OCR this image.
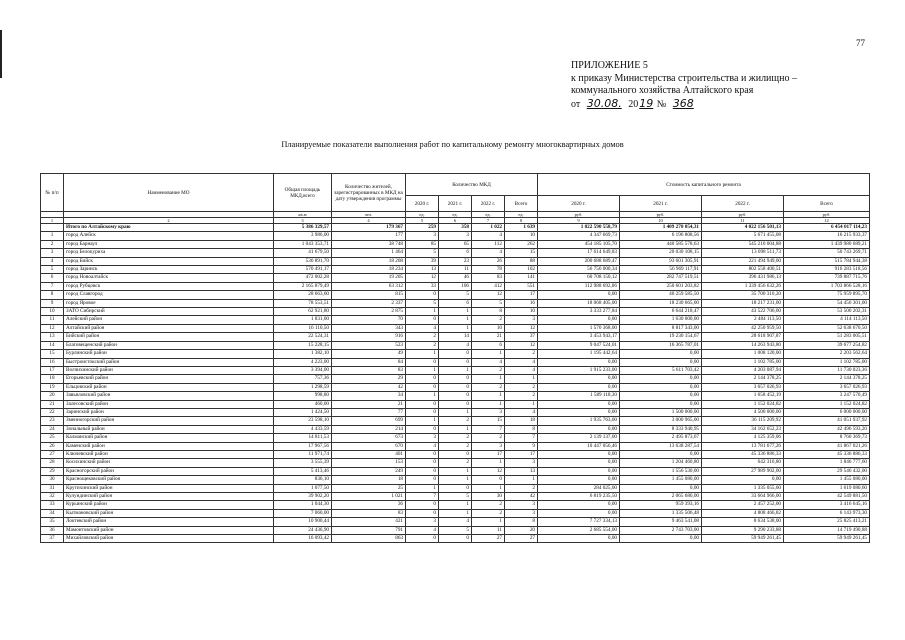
77
ПРИЛОЖЕНИЕ 5
к приказу Министерства строительства и жилищно –
коммунального хозяйства Алтайского края
от 30.08. 2019 № 368
Планируемые показатели выполнения работ по капитальному ремонту многоквартирных домов
№ п/п	Наименование МО	Общая площадь МКД,всего	Количество жителей, зарегистрированных в МКД на дату утверждения программы	Количество МКД				Стоимость капитального ремонта			
				2020 г.	2021 г.	2022 г.	Всего	2020 г.	2021 г.	2022 г.	Всего
		кв.м	чел.	ед.	ед.	ед.	ед.	руб.	руб.	руб.	руб.
1	2	3	4	5	6	7	8	9	10	11	12
	Итого по Алтайскому краю	5 386 329,57	179 367	259	358	1 022	1 639	1 022 590 558,79	1 409 270 054,31	4 022 156 501,13	6 454 017 114,23
1	город Алейск	3 986,00	177	3	3	4	10	4 347 669,73	6 196 808,56	5 671 455,08	16 215 933,37
2	город Барнаул	1 043 353,71	38 748	85	65	112	262	454 185 105,70	440 585 578,63	545 210 004,88	1 439 980 689,21
3	город Белокуриха	41 679,50	1 464	5	6	4	15	17 614 649,83	20 030 108,15	13 098 511,73	50 743 269,71
4	город Бийск	536 891,70	18 208	39	23	26	88	200 688 689,47	93 601 305,91	221 494 949,00	515 784 944,38
5	город Заринск	570 491,17	18 234	13	11	78	102	56 756 000,34	56 969 117,91	802 558 400,51	916 283 518,56
6	город Новоалтайск	472 002,28	19 205	12	46	83	141	60 708 150,12	282 747 519,51	396 431 986,13	739 887 715,76
7	город Рубцовск	2 165 879,49	63 312	33	106	412	551	112 988 692,06	250 601 203,82	1 339 456 632,26	1 703 866 528,16
8	город Славгород	28 663,60	815	0	5	12	17	0,00	40 259 585,50	35 700 310,20	75 959 895,70
9	город Яровое	78 553,51	2 337	5	6	5	16	18 068 405,00	18 230 665,00	18 217 231,00	54 456 301,00
10	ЗАТО Сибирский	62 921,80	2 875	1	1	8	10	3 333 277,84	6 644 218,47	43 522 706,00	53 500 202,31
11	Алейский район	1 831,00	70	0	1	2	3	0,00	1 630 000,00	2 484 113,50	4 114 113,50
12	Алтайский район	16 110,50	343	4	1	10	12	1 570 368,00	8 817 343,00	42 250 959,50	52 638 670,50
13	Бийский район	22 524,31	916	2	14	21	37	3 453 943,17	19 230 154,67	28 618 907,87	51 283 005,51
14	Благовещенский район	15 228,15	523	2	4	6	12	9 047 524,01	16 365 787,01	14 263 943,80	39 677 254,82
15	Бурлинский район	1 382,10	49	1	0	1	2	1 195 442,64	0,00	1 008 120,00	2 203 562,64
16	Быстроистокский район	4 223,00	84	0	0	4	4	0,00	0,00	1 102 785,00	1 102 785,00
17	Волчихинский район	3 394,00	83	1	1	2	4	1 915 233,00	5 611 703,42	4 203 087,94	11 730 023,36
18	Егорьевский район	757,36	29	0	0	1	1	0,00	0,00	2 144 378,25	2 144 378,25
19	Ельцовский район	1 298,59	42	0	0	2	2	0,00	0,00	3 657 026,93	3 657 026,93
20	Завьяловский район	998,80	34	1	0	1	2	1 589 118,30	0,00	1 658 452,19	3 247 570,49
21	Залесовский район	460,00	21	0	0	1	1	0,00	0,00	1 152 024,82	1 152 024,82
22	Заринский район	1 424,50	77	0	1	3	4	0,00	1 500 000,00	4 500 000,00	6 000 000,00
23	Змеиногорский район	23 598,10	699	1	2	15	18	1 935 763,00	3 000 965,00	36 115 209,92	41 051 937,92
24	Зональный район	4 433,59	214	0	1	7	8	0,00	8 333 940,95	34 162 652,23	42 496 593,20
25	Калманский район	14 811,53	673	3	2	2	7	2 139 137,00	2 495 873,67	4 125 359,06	8 760 369,73
26	Каменский район	17 967,56	670	4	2	3	9	10 447 056,46	13 638 287,54	13 781 677,26	41 867 021,26
27	Ключевский район	11 971,74	401	0	0	17	17	0,00	0,00	45 336 886,33	45 336 886,33
28	Косихинский район	3 555,39	153	0	2	1	3	0,00	1 204 460,80	642 316,80	1 846 777,60
29	Красногорский район	5 413,46	249	0	1	12	13	0,00	1 556 530,00	27 989 902,00	29 546 432,00
30	Краснощековский район	836,10	18	0	1	0	1	0,00	1 455 080,00	0,00	1 455 080,00
31	Крутихинский район	1 077,50	25	1	0	1	2	284 025,00	0,00	1 335 055,60	1 619 080,60
32	Кулундинский район	39 902,20	1 021	7	5	30	42	6 819 235,50	2 065 680,00	33 664 966,00	42 549 881,50
33	Курьинский район	1 044,30	36	0	1	2	3	0,00	959 393,16	2 457 252,00	3 416 645,16
34	Кытмановский район	7 060,00	83	0	1	2	3	0,00	1 335 506,48	4 808 466,82	6 143 973,30
35	Локтевский район	10 900,44	421	3	4	1	8	7 727 334,13	9 463 541,08	8 634 538,00	25 825 413,21
36	Мамонтовский район	24 436,90	791	4	5	11	20	2 685 554,00	2 743 703,00	9 290 233,88	14 719 490,88
37	Михайловский район	16 093,42	863	0	0	27	27	0,00	0,00	59 949 261,45	59 949 261,45
